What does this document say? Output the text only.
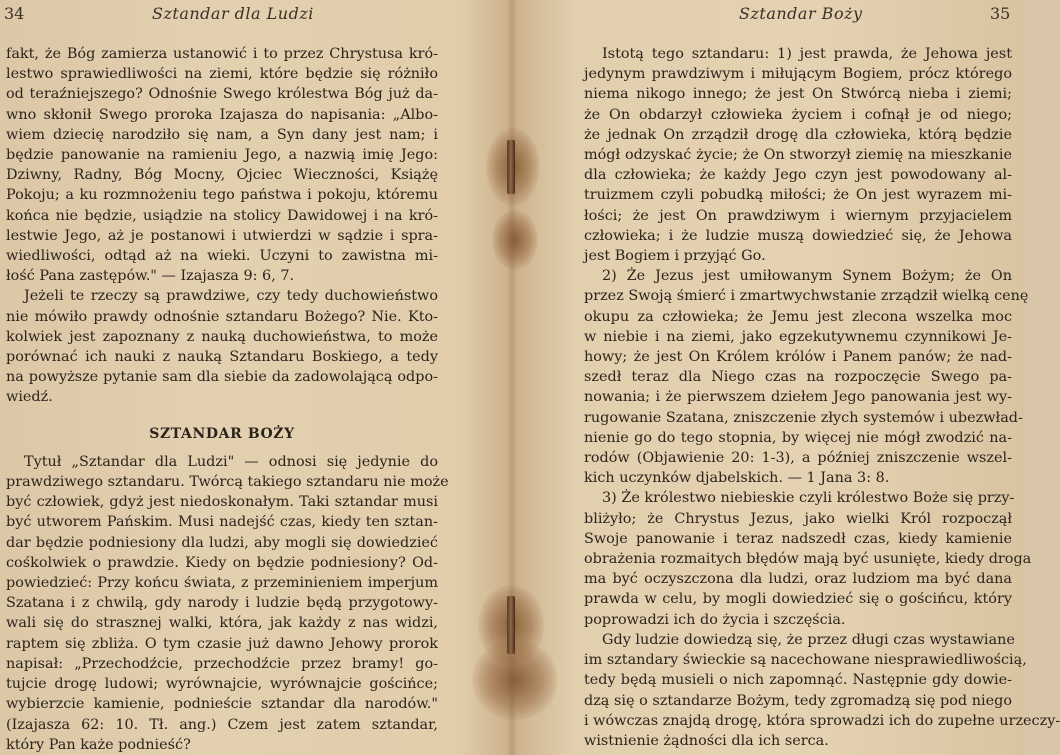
34	Sztandar dla Ludzi
fakt, że Bóg zamierza ustanowić i to przez Chrystusa kró-
lestwo sprawiedliwości na ziemi, które będzie się różniło
od teraźniejszego? Odnośnie Swego królestwa Bóg już da-
wno skłonił Swego proroka Izajasza do napisania: „Albo-
wiem dziecię narodziło się nam, a Syn dany jest nam; i
będzie panowanie na ramieniu Jego, a nazwią imię Jego:
Dziwny, Radny, Bóg Mocny, Ojciec Wieczności, Książę
Pokoju; a ku rozmnożeniu tego państwa i pokoju, któremu
końca nie będzie, usiądzie na stolicy Dawidowej i na kró-
lestwie Jego, aż je postanowi i utwierdzi w sądzie i spra-
wiedliwości, odtąd aż na wieki. Uczyni to zawistna mi-
łość Pana zastępów." — Izajasza 9: 6, 7.
Jeżeli te rzeczy są prawdziwe, czy tedy duchowieństwo
nie mówiło prawdy odnośnie sztandaru Bożego? Nie. Kto-
kolwiek jest zapoznany z nauką duchowieństwa, to może
porównać ich nauki z nauką Sztandaru Boskiego, a tedy
na powyższe pytanie sam dla siebie da zadowolającą odpo-
wiedź.
SZTANDAR BOŻY
Tytuł „Sztandar dla Ludzi" — odnosi się jedynie do
prawdziwego sztandaru. Twórcą takiego sztandaru nie może
być człowiek, gdyż jest niedoskonałym. Taki sztandar musi
być utworem Pańskim. Musi nadejść czas, kiedy ten sztan-
dar będzie podniesiony dla ludzi, aby mogli się dowiedzieć
cośkolwiek o prawdzie. Kiedy on będzie podniesiony? Od-
powiedzieć: Przy końcu świata, z przeminieniem imperjum
Szatana i z chwilą, gdy narody i ludzie będą przygotowy-
wali się do strasznej walki, która, jak każdy z nas widzi,
raptem się zbliża. O tym czasie już dawno Jehowy prorok
napisał: „Przechodźcie, przechodźcie przez bramy! go-
tujcie drogę ludowi; wyrównajcie, wyrównajcie gościńce;
wybierzcie kamienie, podnieście sztandar dla narodów."
(Izajasza 62: 10. Tł. ang.) Czem jest zatem sztandar,
który Pan każe podnieść?
Sztandar Boży	35
Istotą tego sztandaru: 1) jest prawda, że Jehowa jest
jedynym prawdziwym i miłującym Bogiem, prócz którego
niema nikogo innego; że jest On Stwórcą nieba i ziemi;
że On obdarzył człowieka życiem i cofnął je od niego;
że jednak On zrządził drogę dla człowieka, którą będzie
mógł odzyskać życie; że On stworzył ziemię na mieszkanie
dla człowieka; że każdy Jego czyn jest powodowany al-
truizmem czyli pobudką miłości; że On jest wyrazem mi-
łości; że jest On prawdziwym i wiernym przyjacielem
człowieka; i że ludzie muszą dowiedzieć się, że Jehowa
jest Bogiem i przyjąć Go.
2) Że Jezus jest umiłowanym Synem Bożym; że On
przez Swoją śmierć i zmartwychwstanie zrządził wielką cenę
okupu za człowieka; że Jemu jest zlecona wszelka moc
w niebie i na ziemi, jako egzekutywnemu czynnikowi Je-
howy; że jest On Królem królów i Panem panów; że nad-
szedł teraz dla Niego czas na rozpoczęcie Swego pa-
nowania; i że pierwszem dziełem Jego panowania jest wy-
rugowanie Szatana, zniszczenie złych systemów i ubezwład-
nienie go do tego stopnia, by więcej nie mógł zwodzić na-
rodów (Objawienie 20: 1-3), a później zniszczenie wszel-
kich uczynków djabelskich. — 1 Jana 3: 8.
3) Że królestwo niebieskie czyli królestwo Boże się przy-
bliżyło; że Chrystus Jezus, jako wielki Król rozpoczął
Swoje panowanie i teraz nadszedł czas, kiedy kamienie
obrażenia rozmaitych błędów mają być usunięte, kiedy droga
ma być oczyszczona dla ludzi, oraz ludziom ma być dana
prawda w celu, by mogli dowiedzieć się o gościńcu, który
poprowadzi ich do życia i szczęścia.
Gdy ludzie dowiedzą się, że przez długi czas wystawiane
im sztandary świeckie są nacechowane niesprawiedliwością,
tedy będą musieli o nich zapomnąć. Następnie gdy dowie-
dzą się o sztandarze Bożym, tedy zgromadzą się pod niego
i wówczas znajdą drogę, która sprowadzi ich do zupełne urzeczy-
wistnienie żądności dla ich serca.
